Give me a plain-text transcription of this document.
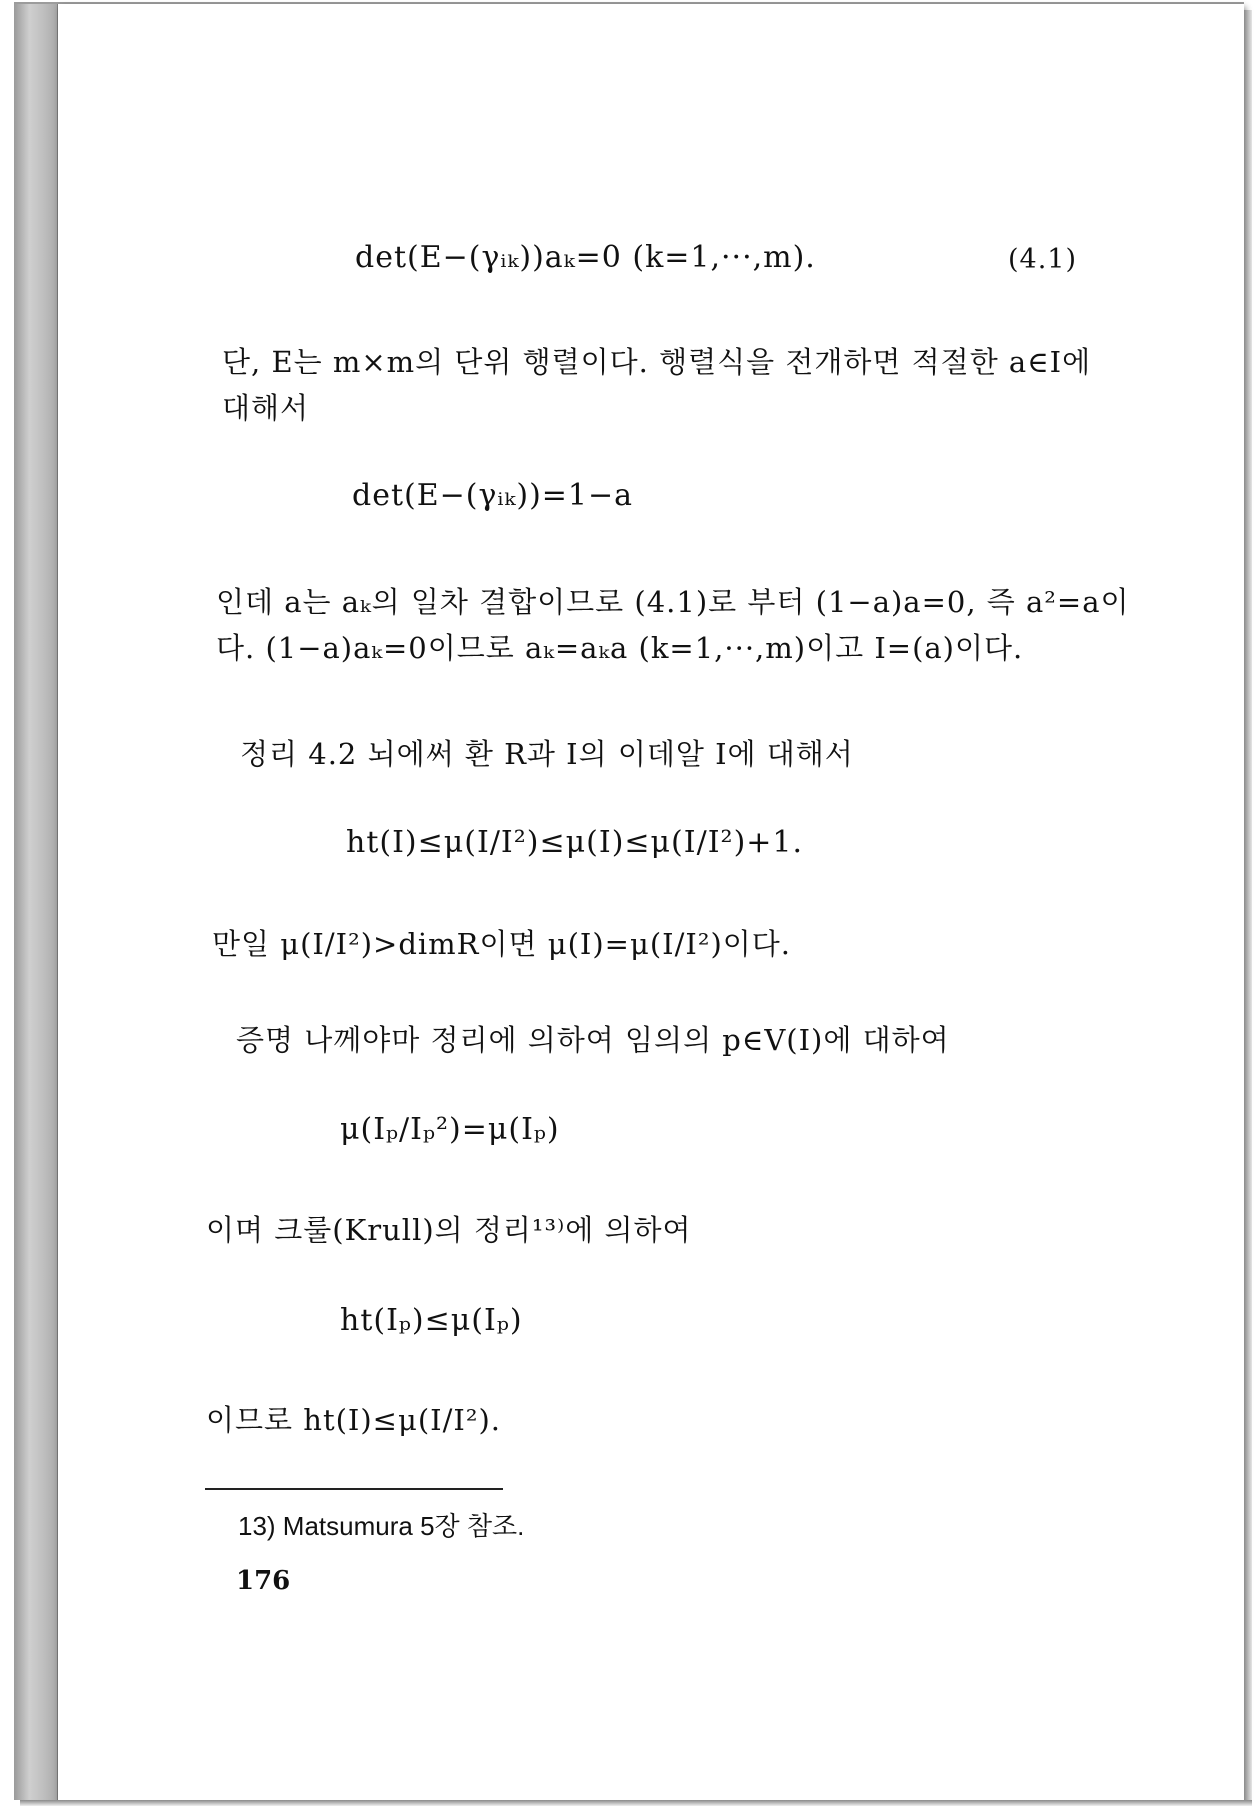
det(E−(γᵢₖ))aₖ=0 (k=1,···,m).	(4.1)
단, E는 m×m의 단위 행렬이다. 행렬식을 전개하면 적절한 a∈I에
대해서
det(E−(γᵢₖ))=1−a
인데 a는 aₖ의 일차 결합이므로 (4.1)로 부터 (1−a)a=0, 즉 a²=a이
다. (1−a)aₖ=0이므로 aₖ=aₖa (k=1,···,m)이고 I=(a)이다.
정리 4.2 뇌에써 환 R과 I의 이데알 I에 대해서
ht(I)≤μ(I/I²)≤μ(I)≤μ(I/I²)+1.
만일 μ(I/I²)>dimR이면 μ(I)=μ(I/I²)이다.
증명 나께야마 정리에 의하여 임의의 p∈V(I)에 대하여
μ(Iₚ/Iₚ²)=μ(Iₚ)
이며 크룰(Krull)의 정리¹³⁾에 의하여
ht(Iₚ)≤μ(Iₚ)
이므로 ht(I)≤μ(I/I²).
13) Matsumura 5장 참조.
176
